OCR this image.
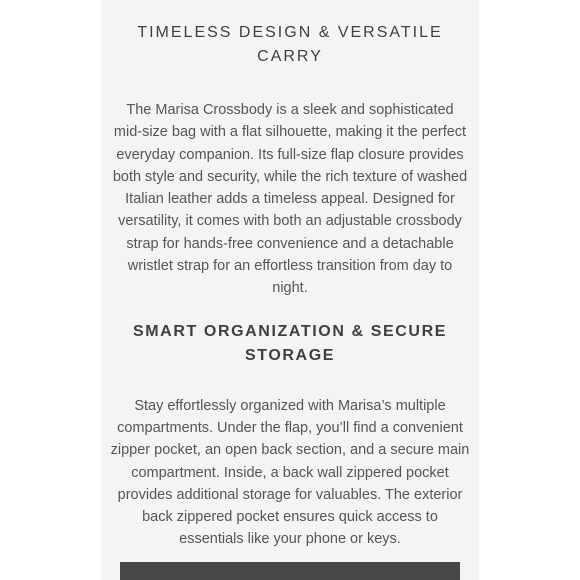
TIMELESS DESIGN & VERSATILE CARRY

The Marisa Crossbody is a sleek and sophisticated mid-size bag with a flat silhouette, making it the perfect everyday companion. Its full-size flap closure provides both style and security, while the rich texture of washed Italian leather adds a timeless appeal. Designed for versatility, it comes with both an adjustable crossbody strap for hands-free convenience and a detachable wristlet strap for an effortless transition from day to night.

SMART ORGANIZATION & SECURE STORAGE

Stay effortlessly organized with Marisa’s multiple compartments. Under the flap, you’ll find a convenient zipper pocket, an open back section, and a secure main compartment. Inside, a back wall zippered pocket provides additional storage for valuables. The exterior back zippered pocket ensures quick access to essentials like your phone or keys.
